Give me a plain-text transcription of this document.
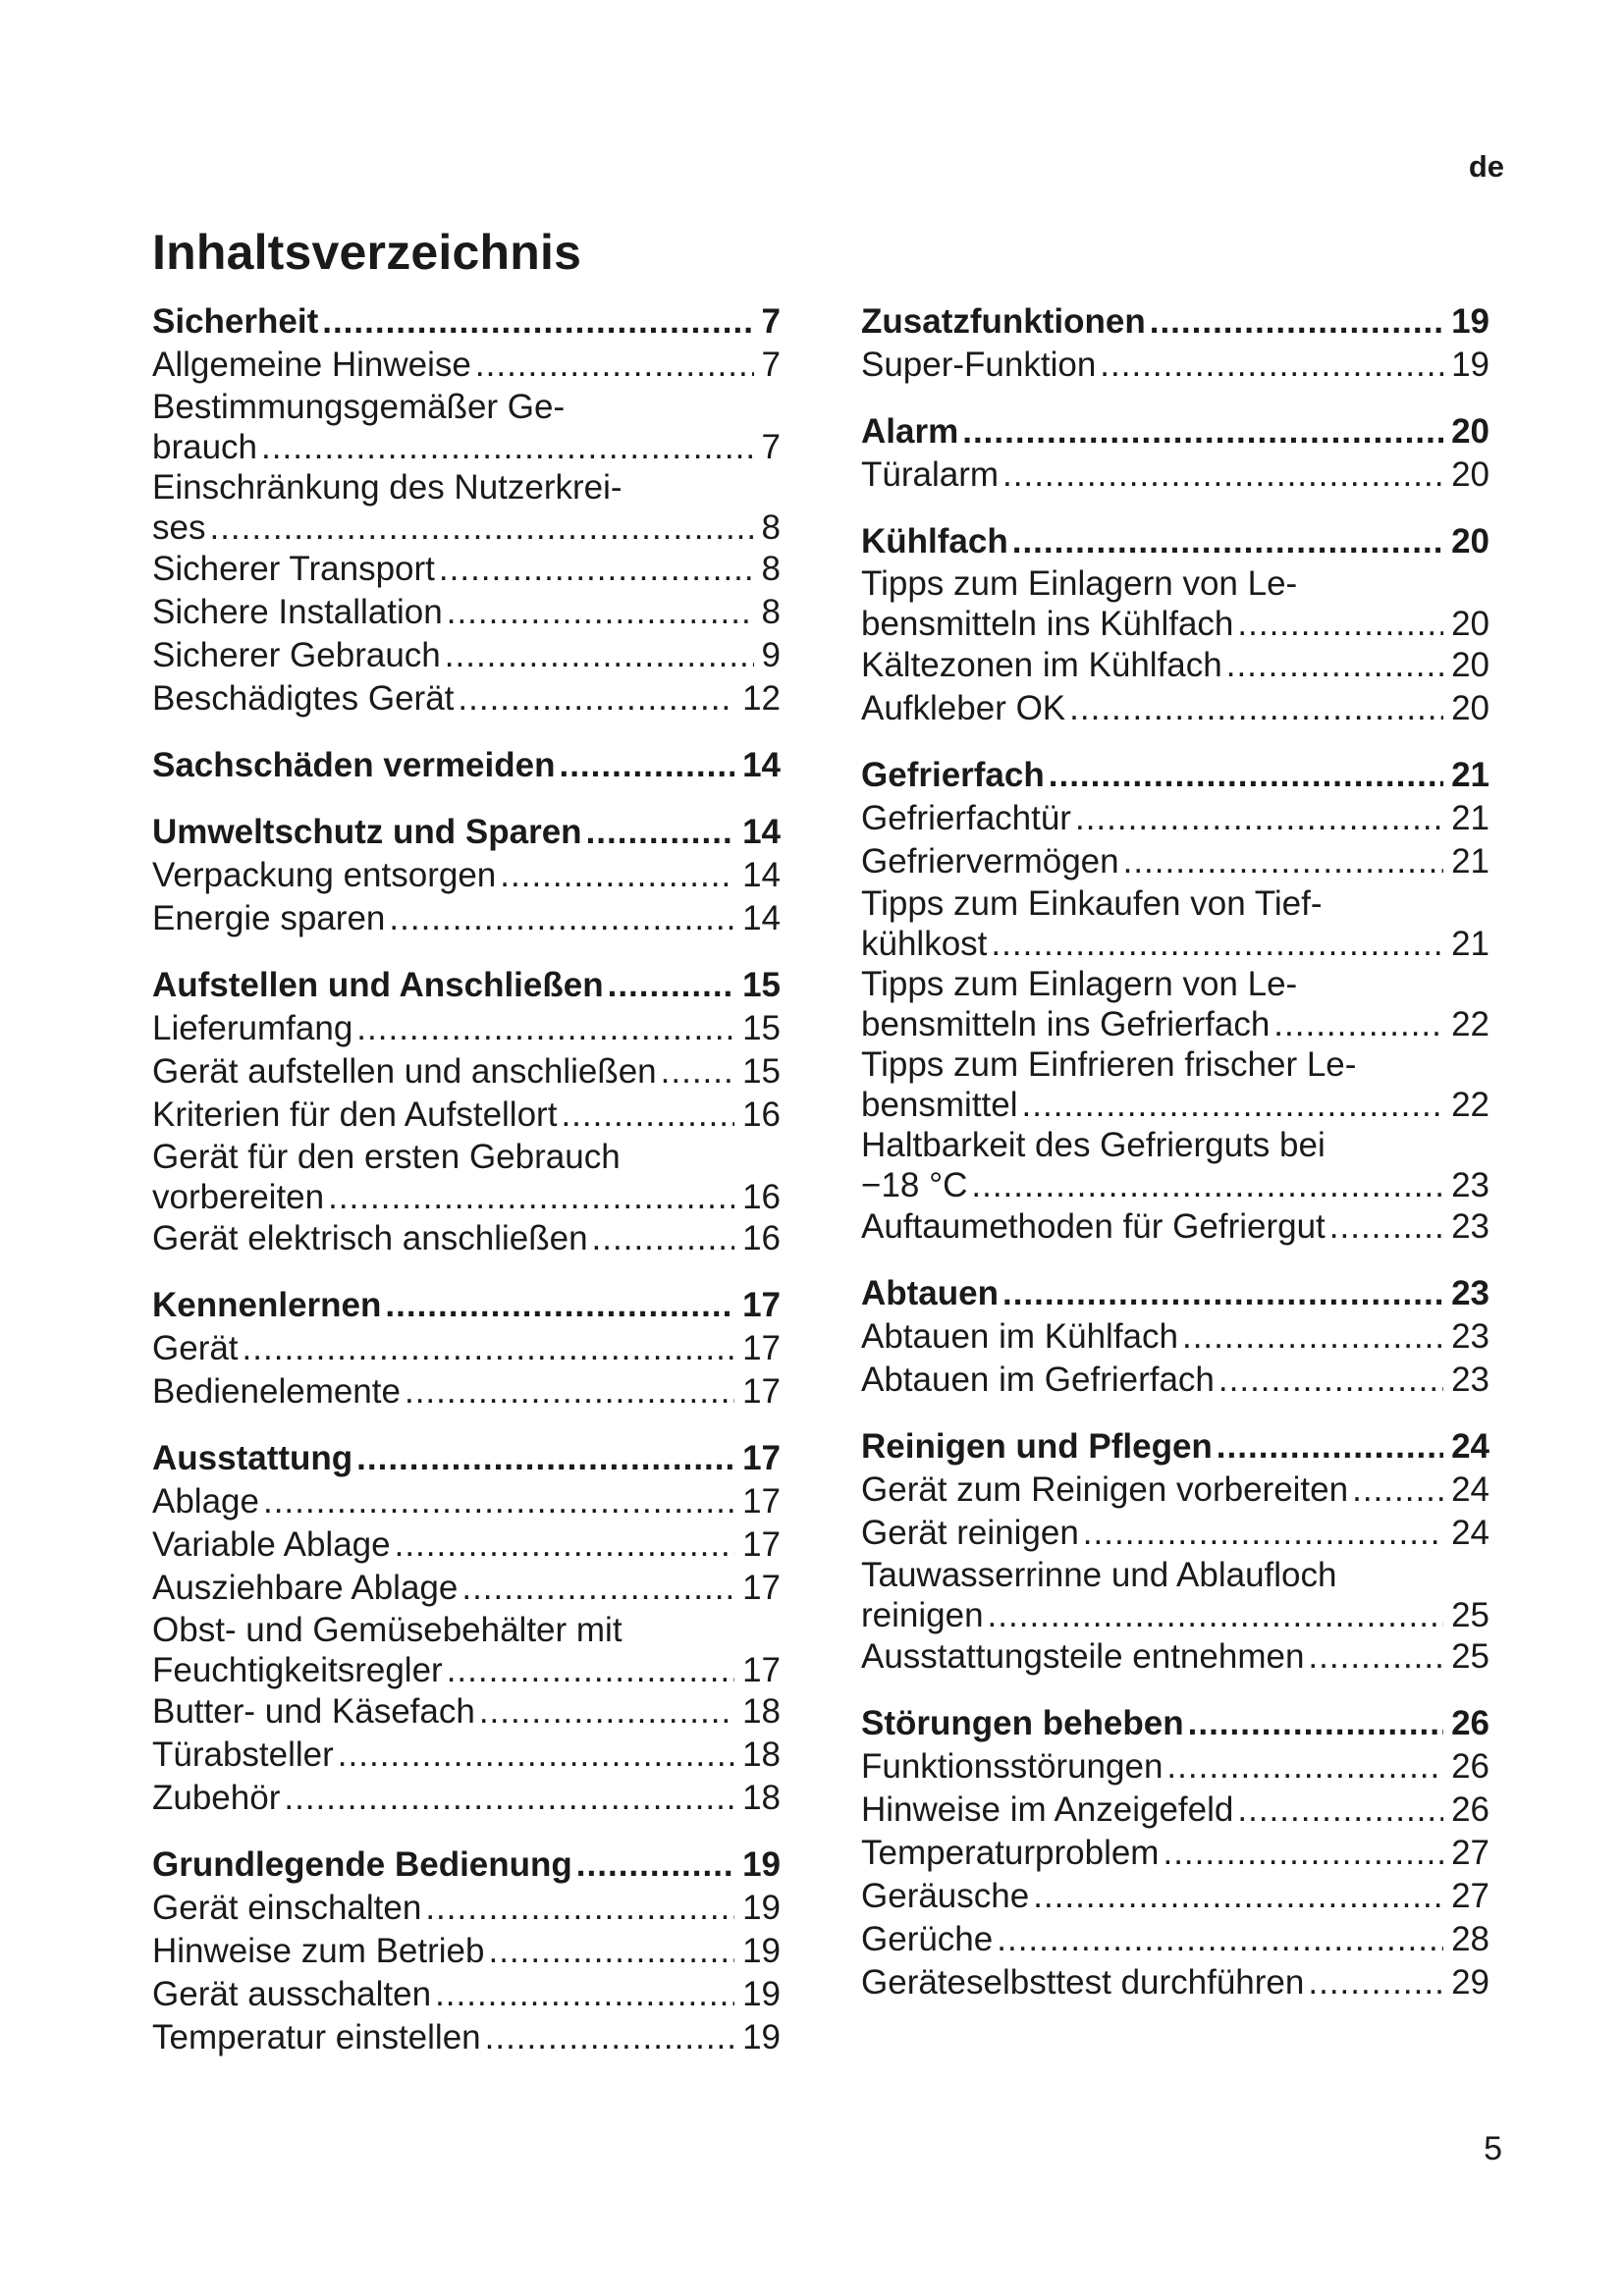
de
Inhaltsverzeichnis
Sicherheit .....	7
Allgemeine Hinweise .....	7
Bestimmungsgemäßer Ge-
brauch .....	7
Einschränkung des Nutzerkrei-
ses .....	8
Sicherer Transport .....	8
Sichere Installation .....	8
Sicherer Gebrauch .....	9
Beschädigtes Gerät .....	12
Sachschäden vermeiden .....	14
Umweltschutz und Sparen .....	14
Verpackung entsorgen .....	14
Energie sparen .....	14
Aufstellen und Anschließen .....	15
Lieferumfang .....	15
Gerät aufstellen und anschließen ..... 15
Kriterien für den Aufstellort .....	16
Gerät für den ersten Gebrauch
vorbereiten .....	16
Gerät elektrisch anschließen .....	16
Kennenlernen .....	17
Gerät .....	17
Bedienelemente .....	17
Ausstattung .....	17
Ablage .....	17
Variable Ablage .....	17
Ausziehbare Ablage .....	17
Obst- und Gemüsebehälter mit
Feuchtigkeitsregler .....	17
Butter- und Käsefach .....	18
Türabsteller .....	18
Zubehör .....	18
Grundlegende Bedienung .....	19
Gerät einschalten .....	19
Hinweise zum Betrieb .....	19
Gerät ausschalten .....	19
Temperatur einstellen .....	19
Zusatzfunktionen .....	19
Super-Funktion .....	19
Alarm .....	20
Türalarm .....	20
Kühlfach .....	20
Tipps zum Einlagern von Le-
bensmitteln ins Kühlfach .....	20
Kältezonen im Kühlfach .....	20
Aufkleber OK .....	20
Gefrierfach .....	21
Gefrierfachtür .....	21
Gefriervermögen .....	21
Tipps zum Einkaufen von Tief-
kühlkost .....	21
Tipps zum Einlagern von Le-
bensmitteln ins Gefrierfach .....	22
Tipps zum Einfrieren frischer Le-
bensmittel .....	22
Haltbarkeit des Gefrierguts bei
−18 °C .....	23
Auftaumethoden für Gefriergut .....	23
Abtauen .....	23
Abtauen im Kühlfach .....	23
Abtauen im Gefrierfach .....	23
Reinigen und Pflegen .....	24
Gerät zum Reinigen vorbereiten .....	24
Gerät reinigen .....	24
Tauwasserrinne und Ablaufloch
reinigen .....	25
Ausstattungsteile entnehmen .....	25
Störungen beheben .....	26
Funktionsstörungen .....	26
Hinweise im Anzeigefeld .....	26
Temperaturproblem .....	27
Geräusche .....	27
Gerüche .....	28
Geräteselbsttest durchführen .....	29
5
